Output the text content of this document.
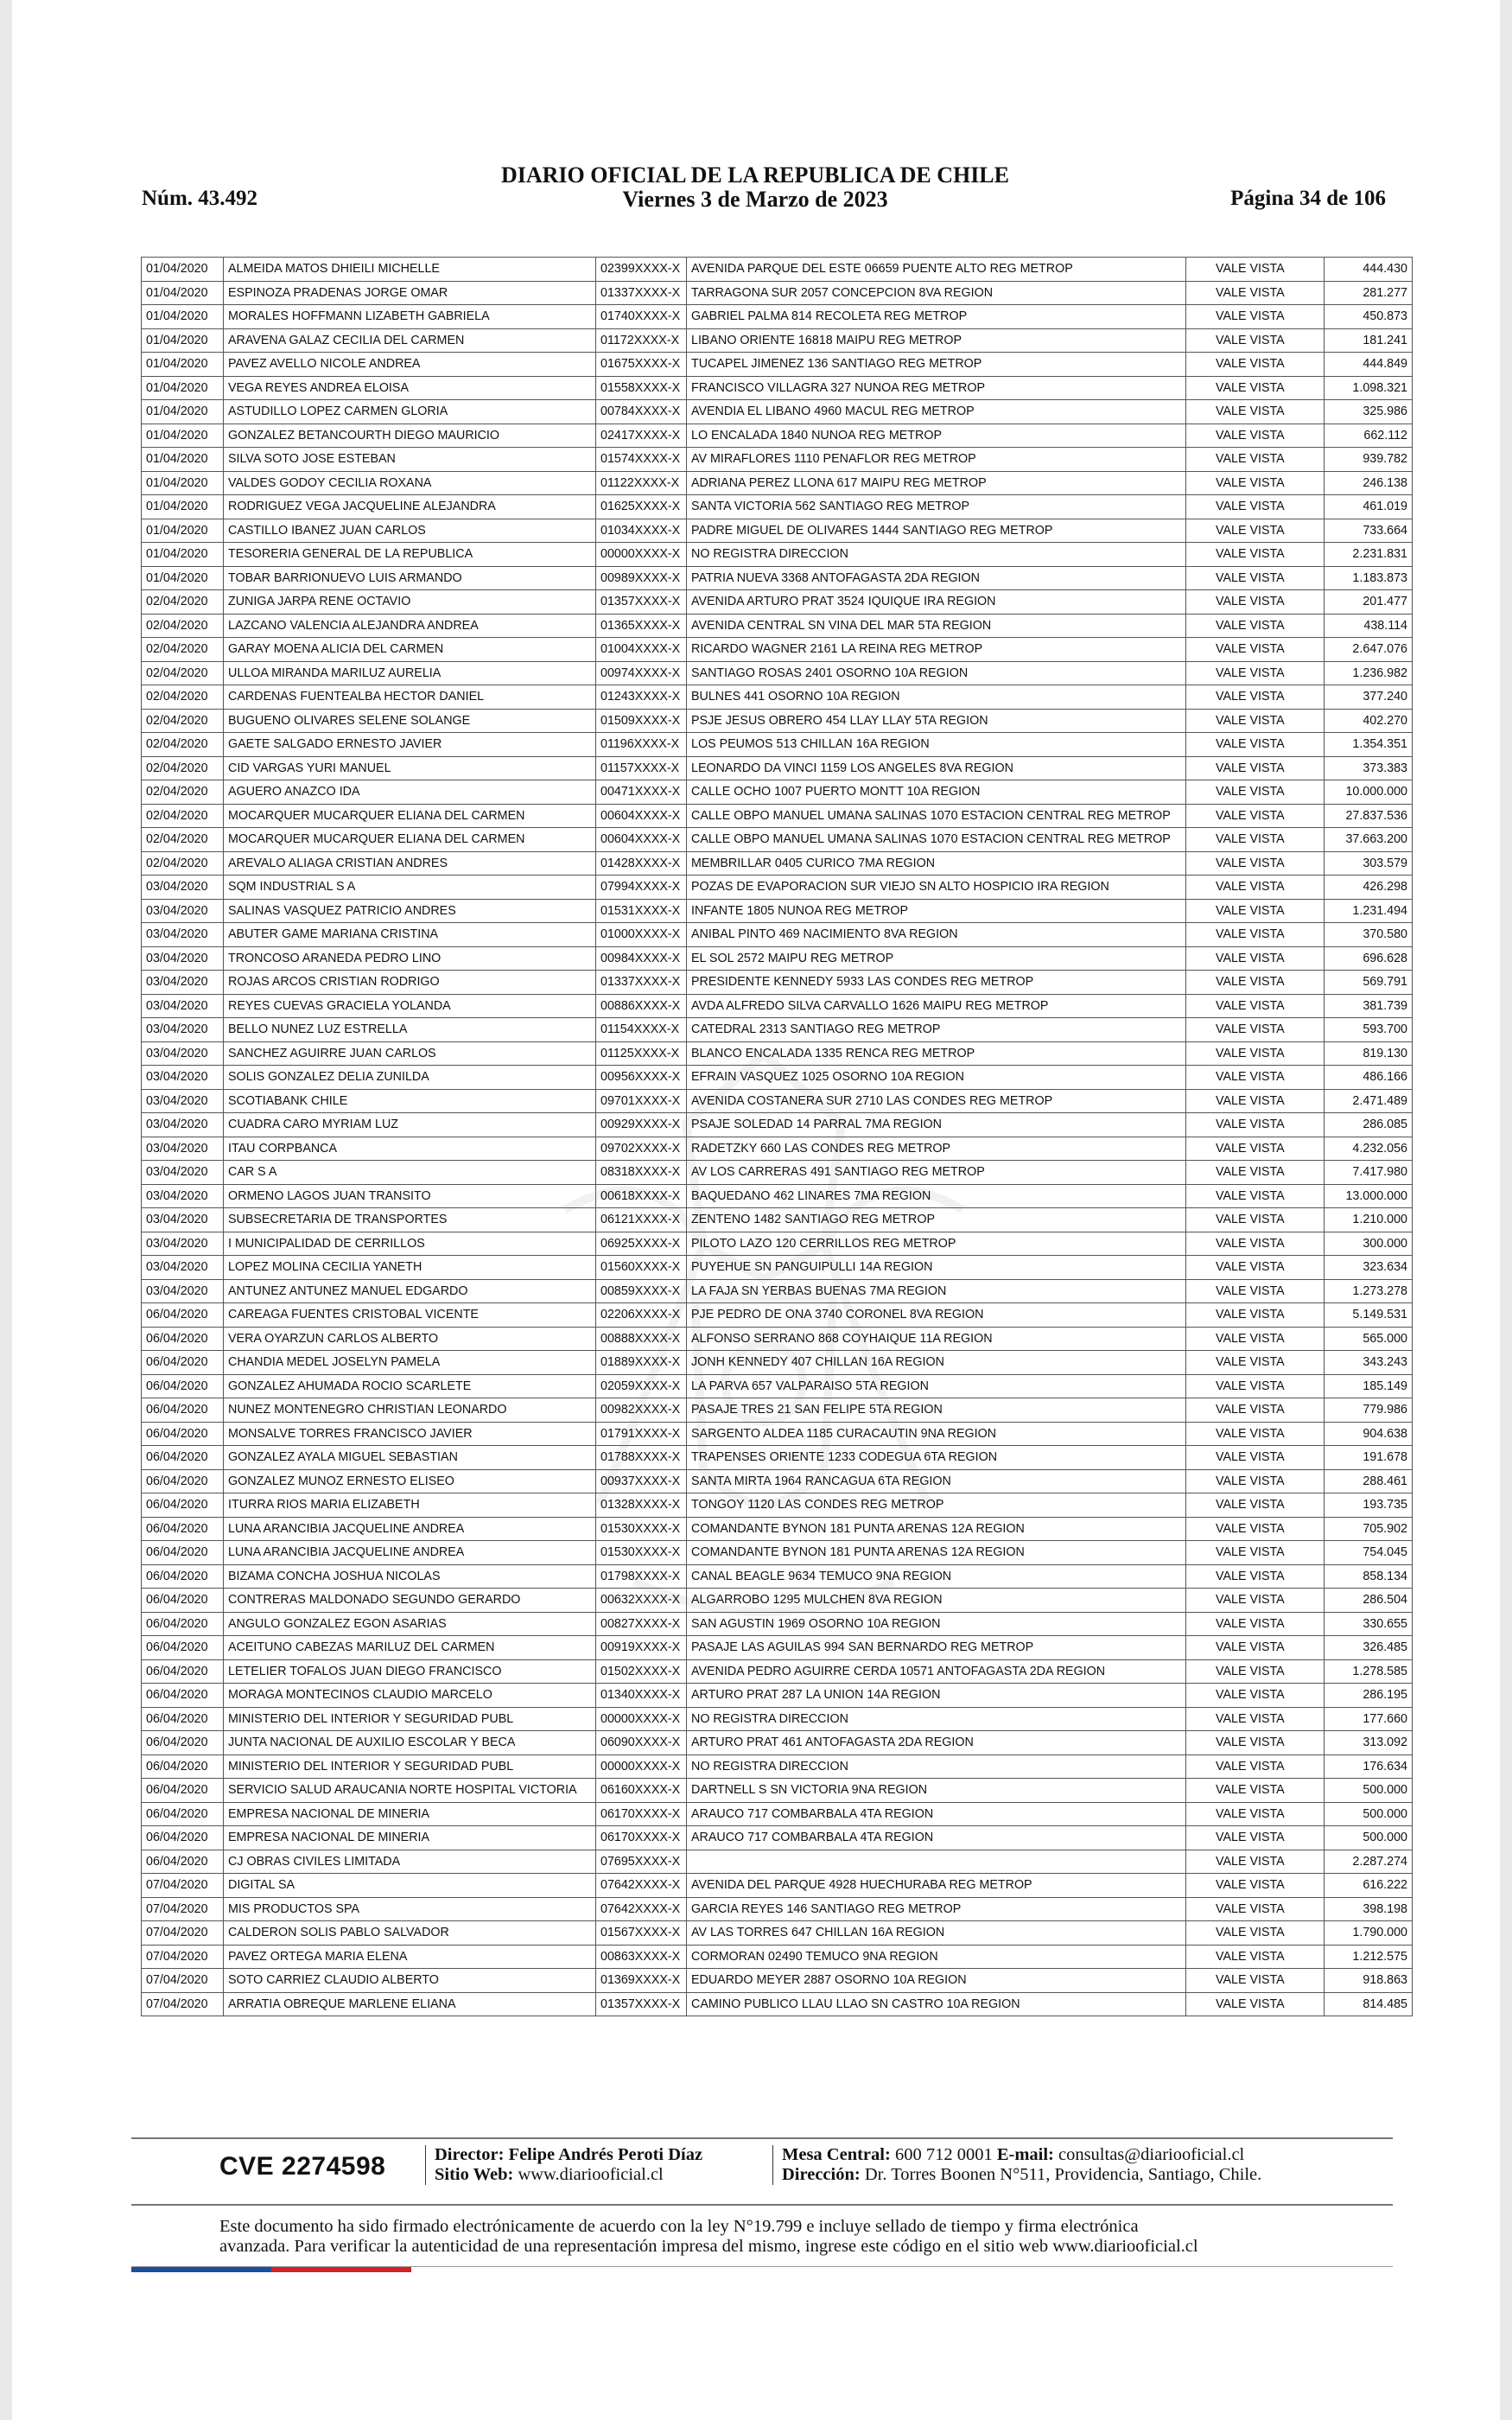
Núm. 43.492
DIARIO OFICIAL DE LA REPUBLICA DE CHILE
Viernes 3 de Marzo de 2023	Página 34 de 106
01/04/2020	ALMEIDA MATOS DHIEILI MICHELLE	02399XXXX-X	AVENIDA PARQUE DEL ESTE 06659 PUENTE ALTO REG METROP	VALE VISTA	444.430
01/04/2020	ESPINOZA PRADENAS JORGE OMAR	01337XXXX-X	TARRAGONA SUR 2057 CONCEPCION 8VA REGION	VALE VISTA	281.277
01/04/2020	MORALES HOFFMANN LIZABETH GABRIELA	01740XXXX-X	GABRIEL PALMA 814 RECOLETA REG METROP	VALE VISTA	450.873
01/04/2020	ARAVENA GALAZ CECILIA DEL CARMEN	01172XXXX-X	LIBANO ORIENTE 16818 MAIPU REG METROP	VALE VISTA	181.241
01/04/2020	PAVEZ AVELLO NICOLE ANDREA	01675XXXX-X	TUCAPEL JIMENEZ 136 SANTIAGO REG METROP	VALE VISTA	444.849
01/04/2020	VEGA REYES ANDREA ELOISA	01558XXXX-X	FRANCISCO VILLAGRA 327 NUNOA REG METROP	VALE VISTA	1.098.321
01/04/2020	ASTUDILLO LOPEZ CARMEN GLORIA	00784XXXX-X	AVENDIA EL LIBANO 4960 MACUL REG METROP	VALE VISTA	325.986
01/04/2020	GONZALEZ BETANCOURTH DIEGO MAURICIO	02417XXXX-X	LO ENCALADA 1840 NUNOA REG METROP	VALE VISTA	662.112
01/04/2020	SILVA SOTO JOSE ESTEBAN	01574XXXX-X	AV MIRAFLORES 1110 PENAFLOR REG METROP	VALE VISTA	939.782
01/04/2020	VALDES GODOY CECILIA ROXANA	01122XXXX-X	ADRIANA PEREZ LLONA 617 MAIPU REG METROP	VALE VISTA	246.138
01/04/2020	RODRIGUEZ VEGA JACQUELINE ALEJANDRA	01625XXXX-X	SANTA VICTORIA 562 SANTIAGO REG METROP	VALE VISTA	461.019
01/04/2020	CASTILLO IBANEZ JUAN CARLOS	01034XXXX-X	PADRE MIGUEL DE OLIVARES 1444 SANTIAGO REG METROP	VALE VISTA	733.664
01/04/2020	TESORERIA GENERAL DE LA REPUBLICA	00000XXXX-X	NO REGISTRA DIRECCION	VALE VISTA	2.231.831
01/04/2020	TOBAR BARRIONUEVO LUIS ARMANDO	00989XXXX-X	PATRIA NUEVA 3368 ANTOFAGASTA 2DA REGION	VALE VISTA	1.183.873
02/04/2020	ZUNIGA JARPA RENE OCTAVIO	01357XXXX-X	AVENIDA ARTURO PRAT 3524 IQUIQUE IRA REGION	VALE VISTA	201.477
02/04/2020	LAZCANO VALENCIA ALEJANDRA ANDREA	01365XXXX-X	AVENIDA CENTRAL SN VINA DEL MAR 5TA REGION	VALE VISTA	438.114
02/04/2020	GARAY MOENA ALICIA DEL CARMEN	01004XXXX-X	RICARDO WAGNER 2161 LA REINA REG METROP	VALE VISTA	2.647.076
02/04/2020	ULLOA MIRANDA MARILUZ AURELIA	00974XXXX-X	SANTIAGO ROSAS 2401 OSORNO 10A REGION	VALE VISTA	1.236.982
02/04/2020	CARDENAS FUENTEALBA HECTOR DANIEL	01243XXXX-X	BULNES 441 OSORNO 10A REGION	VALE VISTA	377.240
02/04/2020	BUGUENO OLIVARES SELENE SOLANGE	01509XXXX-X	PSJE JESUS OBRERO 454 LLAY LLAY 5TA REGION	VALE VISTA	402.270
02/04/2020	GAETE SALGADO ERNESTO JAVIER	01196XXXX-X	LOS PEUMOS 513 CHILLAN 16A REGION	VALE VISTA	1.354.351
02/04/2020	CID VARGAS YURI MANUEL	01157XXXX-X	LEONARDO DA VINCI 1159 LOS ANGELES 8VA REGION	VALE VISTA	373.383
02/04/2020	AGUERO ANAZCO IDA	00471XXXX-X	CALLE OCHO 1007 PUERTO MONTT 10A REGION	VALE VISTA	10.000.000
02/04/2020	MOCARQUER MUCARQUER ELIANA DEL CARMEN	00604XXXX-X	CALLE OBPO MANUEL UMANA SALINAS 1070 ESTACION CENTRAL REG METROP	VALE VISTA	27.837.536
02/04/2020	MOCARQUER MUCARQUER ELIANA DEL CARMEN	00604XXXX-X	CALLE OBPO MANUEL UMANA SALINAS 1070 ESTACION CENTRAL REG METROP	VALE VISTA	37.663.200
02/04/2020	AREVALO ALIAGA CRISTIAN ANDRES	01428XXXX-X	MEMBRILLAR 0405 CURICO 7MA REGION	VALE VISTA	303.579
03/04/2020	SQM INDUSTRIAL S A	07994XXXX-X	POZAS DE EVAPORACION SUR VIEJO SN ALTO HOSPICIO IRA REGION	VALE VISTA	426.298
03/04/2020	SALINAS VASQUEZ PATRICIO ANDRES	01531XXXX-X	INFANTE 1805 NUNOA REG METROP	VALE VISTA	1.231.494
03/04/2020	ABUTER GAME MARIANA CRISTINA	01000XXXX-X	ANIBAL PINTO 469 NACIMIENTO 8VA REGION	VALE VISTA	370.580
03/04/2020	TRONCOSO ARANEDA PEDRO LINO	00984XXXX-X	EL SOL 2572 MAIPU REG METROP	VALE VISTA	696.628
03/04/2020	ROJAS ARCOS CRISTIAN RODRIGO	01337XXXX-X	PRESIDENTE KENNEDY 5933 LAS CONDES REG METROP	VALE VISTA	569.791
03/04/2020	REYES CUEVAS GRACIELA YOLANDA	00886XXXX-X	AVDA ALFREDO SILVA CARVALLO 1626 MAIPU REG METROP	VALE VISTA	381.739
03/04/2020	BELLO NUNEZ LUZ ESTRELLA	01154XXXX-X	CATEDRAL 2313 SANTIAGO REG METROP	VALE VISTA	593.700
03/04/2020	SANCHEZ AGUIRRE JUAN CARLOS	01125XXXX-X	BLANCO ENCALADA 1335 RENCA REG METROP	VALE VISTA	819.130
03/04/2020	SOLIS GONZALEZ DELIA ZUNILDA	00956XXXX-X	EFRAIN VASQUEZ 1025 OSORNO 10A REGION	VALE VISTA	486.166
03/04/2020	SCOTIABANK CHILE	09701XXXX-X	AVENIDA COSTANERA SUR 2710 LAS CONDES REG METROP	VALE VISTA	2.471.489
03/04/2020	CUADRA CARO MYRIAM LUZ	00929XXXX-X	PSAJE SOLEDAD 14 PARRAL 7MA REGION	VALE VISTA	286.085
03/04/2020	ITAU CORPBANCA	09702XXXX-X	RADETZKY 660 LAS CONDES REG METROP	VALE VISTA	4.232.056
03/04/2020	CAR S A	08318XXXX-X	AV LOS CARRERAS 491 SANTIAGO REG METROP	VALE VISTA	7.417.980
03/04/2020	ORMENO LAGOS JUAN TRANSITO	00618XXXX-X	BAQUEDANO 462 LINARES 7MA REGION	VALE VISTA	13.000.000
03/04/2020	SUBSECRETARIA DE TRANSPORTES	06121XXXX-X	ZENTENO 1482 SANTIAGO REG METROP	VALE VISTA	1.210.000
03/04/2020	I MUNICIPALIDAD DE CERRILLOS	06925XXXX-X	PILOTO LAZO 120 CERRILLOS REG METROP	VALE VISTA	300.000
03/04/2020	LOPEZ MOLINA CECILIA YANETH	01560XXXX-X	PUYEHUE SN PANGUIPULLI 14A REGION	VALE VISTA	323.634
03/04/2020	ANTUNEZ ANTUNEZ MANUEL EDGARDO	00859XXXX-X	LA FAJA SN YERBAS BUENAS 7MA REGION	VALE VISTA	1.273.278
06/04/2020	CAREAGA FUENTES CRISTOBAL VICENTE	02206XXXX-X	PJE PEDRO DE ONA 3740 CORONEL 8VA REGION	VALE VISTA	5.149.531
06/04/2020	VERA OYARZUN CARLOS ALBERTO	00888XXXX-X	ALFONSO SERRANO 868 COYHAIQUE 11A REGION	VALE VISTA	565.000
06/04/2020	CHANDIA MEDEL JOSELYN PAMELA	01889XXXX-X	JONH KENNEDY 407 CHILLAN 16A REGION	VALE VISTA	343.243
06/04/2020	GONZALEZ AHUMADA ROCIO SCARLETE	02059XXXX-X	LA PARVA 657 VALPARAISO 5TA REGION	VALE VISTA	185.149
06/04/2020	NUNEZ MONTENEGRO CHRISTIAN LEONARDO	00982XXXX-X	PASAJE TRES 21 SAN FELIPE 5TA REGION	VALE VISTA	779.986
06/04/2020	MONSALVE TORRES FRANCISCO JAVIER	01791XXXX-X	SARGENTO ALDEA 1185 CURACAUTIN 9NA REGION	VALE VISTA	904.638
06/04/2020	GONZALEZ AYALA MIGUEL SEBASTIAN	01788XXXX-X	TRAPENSES ORIENTE 1233 CODEGUA 6TA REGION	VALE VISTA	191.678
06/04/2020	GONZALEZ MUNOZ ERNESTO ELISEO	00937XXXX-X	SANTA MIRTA 1964 RANCAGUA 6TA REGION	VALE VISTA	288.461
06/04/2020	ITURRA RIOS MARIA ELIZABETH	01328XXXX-X	TONGOY 1120 LAS CONDES REG METROP	VALE VISTA	193.735
06/04/2020	LUNA ARANCIBIA JACQUELINE ANDREA	01530XXXX-X	COMANDANTE BYNON 181 PUNTA ARENAS 12A REGION	VALE VISTA	705.902
06/04/2020	LUNA ARANCIBIA JACQUELINE ANDREA	01530XXXX-X	COMANDANTE BYNON 181 PUNTA ARENAS 12A REGION	VALE VISTA	754.045
06/04/2020	BIZAMA CONCHA JOSHUA NICOLAS	01798XXXX-X	CANAL BEAGLE 9634 TEMUCO 9NA REGION	VALE VISTA	858.134
06/04/2020	CONTRERAS MALDONADO SEGUNDO GERARDO	00632XXXX-X	ALGARROBO 1295 MULCHEN 8VA REGION	VALE VISTA	286.504
06/04/2020	ANGULO GONZALEZ EGON ASARIAS	00827XXXX-X	SAN AGUSTIN 1969 OSORNO 10A REGION	VALE VISTA	330.655
06/04/2020	ACEITUNO CABEZAS MARILUZ DEL CARMEN	00919XXXX-X	PASAJE LAS AGUILAS 994 SAN BERNARDO REG METROP	VALE VISTA	326.485
06/04/2020	LETELIER TOFALOS JUAN DIEGO FRANCISCO	01502XXXX-X	AVENIDA PEDRO AGUIRRE CERDA 10571 ANTOFAGASTA 2DA REGION	VALE VISTA	1.278.585
06/04/2020	MORAGA MONTECINOS CLAUDIO MARCELO	01340XXXX-X	ARTURO PRAT 287 LA UNION 14A REGION	VALE VISTA	286.195
06/04/2020	MINISTERIO DEL INTERIOR Y SEGURIDAD PUBL	00000XXXX-X	NO REGISTRA DIRECCION	VALE VISTA	177.660
06/04/2020	JUNTA NACIONAL DE AUXILIO ESCOLAR Y BECA	06090XXXX-X	ARTURO PRAT 461 ANTOFAGASTA 2DA REGION	VALE VISTA	313.092
06/04/2020	MINISTERIO DEL INTERIOR Y SEGURIDAD PUBL	00000XXXX-X	NO REGISTRA DIRECCION	VALE VISTA	176.634
06/04/2020	SERVICIO SALUD ARAUCANIA NORTE HOSPITAL VICTORIA	06160XXXX-X	DARTNELL S SN VICTORIA 9NA REGION	VALE VISTA	500.000
06/04/2020	EMPRESA NACIONAL DE MINERIA	06170XXXX-X	ARAUCO 717 COMBARBALA 4TA REGION	VALE VISTA	500.000
06/04/2020	EMPRESA NACIONAL DE MINERIA	06170XXXX-X	ARAUCO 717 COMBARBALA 4TA REGION	VALE VISTA	500.000
06/04/2020	CJ OBRAS CIVILES LIMITADA	07695XXXX-X		VALE VISTA	2.287.274
07/04/2020	DIGITAL SA	07642XXXX-X	AVENIDA DEL PARQUE 4928 HUECHURABA REG METROP	VALE VISTA	616.222
07/04/2020	MIS PRODUCTOS SPA	07642XXXX-X	GARCIA REYES 146 SANTIAGO REG METROP	VALE VISTA	398.198
07/04/2020	CALDERON SOLIS PABLO SALVADOR	01567XXXX-X	AV LAS TORRES 647 CHILLAN 16A REGION	VALE VISTA	1.790.000
07/04/2020	PAVEZ ORTEGA MARIA ELENA	00863XXXX-X	CORMORAN 02490 TEMUCO 9NA REGION	VALE VISTA	1.212.575
07/04/2020	SOTO CARRIEZ CLAUDIO ALBERTO	01369XXXX-X	EDUARDO MEYER 2887 OSORNO 10A REGION	VALE VISTA	918.863
07/04/2020	ARRATIA OBREQUE MARLENE ELIANA	01357XXXX-X	CAMINO PUBLICO LLAU LLAO SN CASTRO 10A REGION	VALE VISTA	814.485
CVE 2274598	Director: Felipe Andrés Peroti Díaz
Sitio Web: www.diariooficial.cl
Mesa Central: 600 712 0001 E-mail: consultas@diariooficial.cl
Dirección: Dr. Torres Boonen N°511, Providencia, Santiago, Chile.
Este documento ha sido firmado electrónicamente de acuerdo con la ley N°19.799 e incluye sellado de tiempo y firma electrónica
avanzada. Para verificar la autenticidad de una representación impresa del mismo, ingrese este código en el sitio web www.diariooficial.cl
